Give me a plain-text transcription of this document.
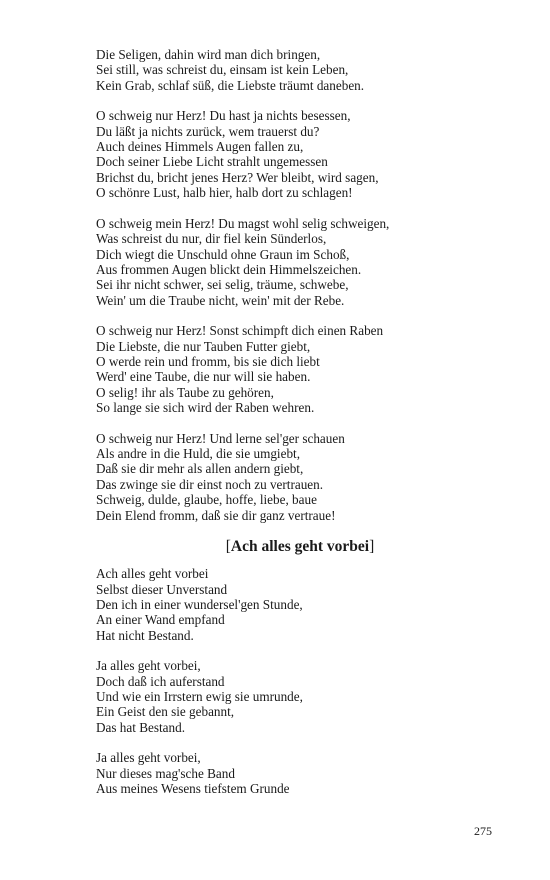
Die Seligen, dahin wird man dich bringen,
Sei still, was schreist du, einsam ist kein Leben,
Kein Grab, schlaf süß, die Liebste träumt daneben.
O schweig nur Herz! Du hast ja nichts besessen,
Du läßt ja nichts zurück, wem trauerst du?
Auch deines Himmels Augen fallen zu,
Doch seiner Liebe Licht strahlt ungemessen
Brichst du, bricht jenes Herz? Wer bleibt, wird sagen,
O schönre Lust, halb hier, halb dort zu schlagen!
O schweig mein Herz! Du magst wohl selig schweigen,
Was schreist du nur, dir fiel kein Sünderlos,
Dich wiegt die Unschuld ohne Graun im Schoß,
Aus frommen Augen blickt dein Himmelszeichen.
Sei ihr nicht schwer, sei selig, träume, schwebe,
Wein' um die Traube nicht, wein' mit der Rebe.
O schweig nur Herz! Sonst schimpft dich einen Raben
Die Liebste, die nur Tauben Futter giebt,
O werde rein und fromm, bis sie dich liebt
Werd' eine Taube, die nur will sie haben.
O selig! ihr als Taube zu gehören,
So lange sie sich wird der Raben wehren.
O schweig nur Herz! Und lerne sel'ger schauen
Als andre in die Huld, die sie umgiebt,
Daß sie dir mehr als allen andern giebt,
Das zwinge sie dir einst noch zu vertrauen.
Schweig, dulde, glaube, hoffe, liebe, baue
Dein Elend fromm, daß sie dir ganz vertraue!
[Ach alles geht vorbei]
Ach alles geht vorbei
Selbst dieser Unverstand
Den ich in einer wundersel'gen Stunde,
An einer Wand empfand
Hat nicht Bestand.
Ja alles geht vorbei,
Doch daß ich auferstand
Und wie ein Irrstern ewig sie umrunde,
Ein Geist den sie gebannt,
Das hat Bestand.
Ja alles geht vorbei,
Nur dieses mag'sche Band
Aus meines Wesens tiefstem Grunde
275
